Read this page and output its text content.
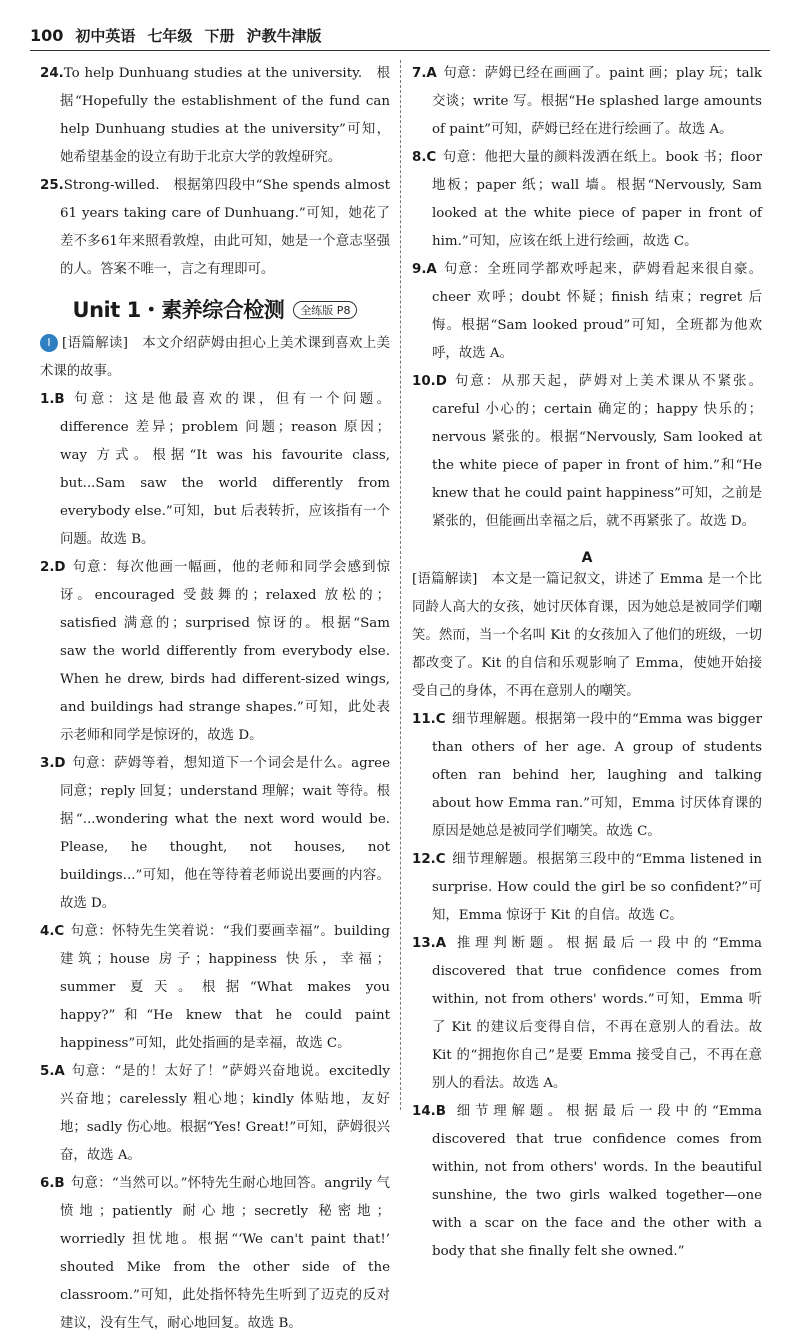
100 初中英语 七年级 下册 沪教牛津版

24.To help Dunhuang studies at the university.　根据“Hopefully the establishment of the fund can help Dunhuang studies at the university”可知，她希望基金的设立有助于北京大学的敦煌研究。

25.Strong-willed.　根据第四段中“She spends almost 61 years taking care of Dunhuang.”可知，她花了差不多61年来照看敦煌，由此可知，她是一个意志坚强的人。答案不唯一，言之有理即可。

Unit 1・素养综合检测 全练版 P8

Ⅰ [语篇解读]　本文介绍萨姆由担心上美术课到喜欢上美术课的故事。

1.B 句意：这是他最喜欢的课，但有一个问题。difference 差异；problem 问题；reason 原因；way 方式。根据“It was his favourite class, but...Sam saw the world differently from everybody else.”可知，but 后表转折，应该指有一个问题。故选 B。

2.D 句意：每次他画一幅画，他的老师和同学会感到惊讶。encouraged 受鼓舞的；relaxed 放松的；satisfied 满意的；surprised 惊讶的。根据“Sam saw the world differently from everybody else. When he drew, birds had different-sized wings, and buildings had strange shapes.”可知，此处表示老师和同学是惊讶的，故选 D。

3.D 句意：萨姆等着，想知道下一个词会是什么。agree 同意；reply 回复；understand 理解；wait 等待。根据“...wondering what the next word would be. Please, he thought, not houses, not buildings...”可知，他在等待着老师说出要画的内容。故选 D。

4.C 句意：怀特先生笑着说：“我们要画幸福”。building 建筑；house 房子；happiness 快乐，幸福；summer 夏天。根据“What makes you happy?”和“He knew that he could paint happiness”可知，此处指画的是幸福，故选 C。

5.A 句意：“是的！太好了！”萨姆兴奋地说。excitedly 兴奋地；carelessly 粗心地；kindly 体贴地，友好地；sadly 伤心地。根据“Yes! Great!”可知，萨姆很兴奋，故选 A。

6.B 句意：“当然可以。”怀特先生耐心地回答。angrily 气愤地；patiently 耐心地；secretly 秘密地；worriedly 担忧地。根据“‘We can't paint that!’ shouted Mike from the other side of the classroom.”可知，此处指怀特先生听到了迈克的反对建议，没有生气，耐心地回复。故选 B。

7.A 句意：萨姆已经在画画了。paint 画；play 玩；talk 交谈；write 写。根据“He splashed large amounts of paint”可知，萨姆已经在进行绘画了。故选 A。

8.C 句意：他把大量的颜料泼洒在纸上。book 书；floor 地板；paper 纸；wall 墙。根据“Nervously, Sam looked at the white piece of paper in front of him.”可知，应该在纸上进行绘画，故选 C。

9.A 句意：全班同学都欢呼起来，萨姆看起来很自豪。cheer 欢呼；doubt 怀疑；finish 结束；regret 后悔。根据“Sam looked proud”可知，全班都为他欢呼，故选 A。

10.D 句意：从那天起，萨姆对上美术课从不紧张。careful 小心的；certain 确定的；happy 快乐的；nervous 紧张的。根据“Nervously, Sam looked at the white piece of paper in front of him.”和“He knew that he could paint happiness”可知，之前是紧张的，但能画出幸福之后，就不再紧张了。故选 D。

A

[语篇解读]　本文是一篇记叙文，讲述了 Emma 是一个比同龄人高大的女孩，她讨厌体育课，因为她总是被同学们嘲笑。然而，当一个名叫 Kit 的女孩加入了他们的班级，一切都改变了。Kit 的自信和乐观影响了 Emma，使她开始接受自己的身体，不再在意别人的嘲笑。

11.C 细节理解题。根据第一段中的“Emma was bigger than others of her age. A group of students often ran behind her, laughing and talking about how Emma ran.”可知，Emma 讨厌体育课的原因是她总是被同学们嘲笑。故选 C。

12.C 细节理解题。根据第三段中的“Emma listened in surprise. How could the girl be so confident?”可知，Emma 惊讶于 Kit 的自信。故选 C。

13.A 推理判断题。根据最后一段中的“Emma discovered that true confidence comes from within, not from others' words.”可知，Emma 听了 Kit 的建议后变得自信，不再在意别人的看法。故 Kit 的“拥抱你自己”是要 Emma 接受自己，不再在意别人的看法。故选 A。

14.B 细节理解题。根据最后一段中的“Emma discovered that true confidence comes from within, not from others' words. In the beautiful sunshine, the two girls walked together—one with a scar on the face and the other with a body that she finally felt she owned.”
